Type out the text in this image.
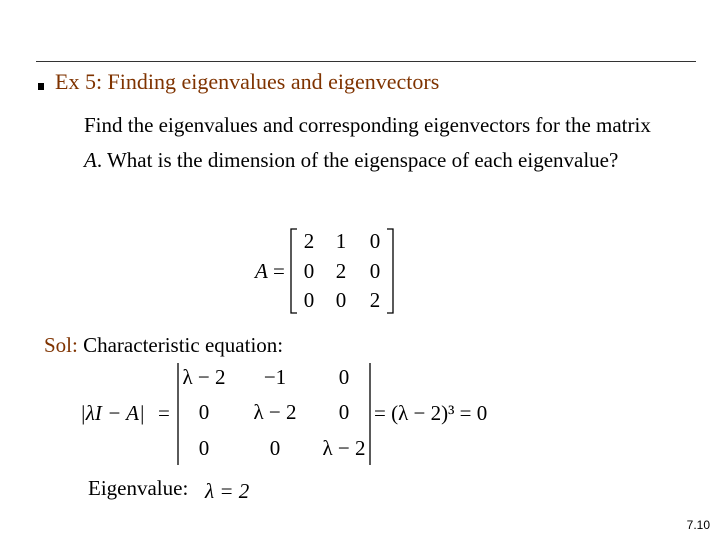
Ex 5: Finding eigenvalues and eigenvectors
Find the eigenvalues and corresponding eigenvectors for the matrix A. What is the dimension of the eigenspace of each eigenvalue?
A =
2 1 0
0 2 0
0 0 2
Sol: Characteristic equation:
|λI − A| =
λ − 2 −1	0
0 λ − 2 0
0	0 λ − 2
= (λ − 2)³ = 0
Eigenvalue: λ = 2
7.10
